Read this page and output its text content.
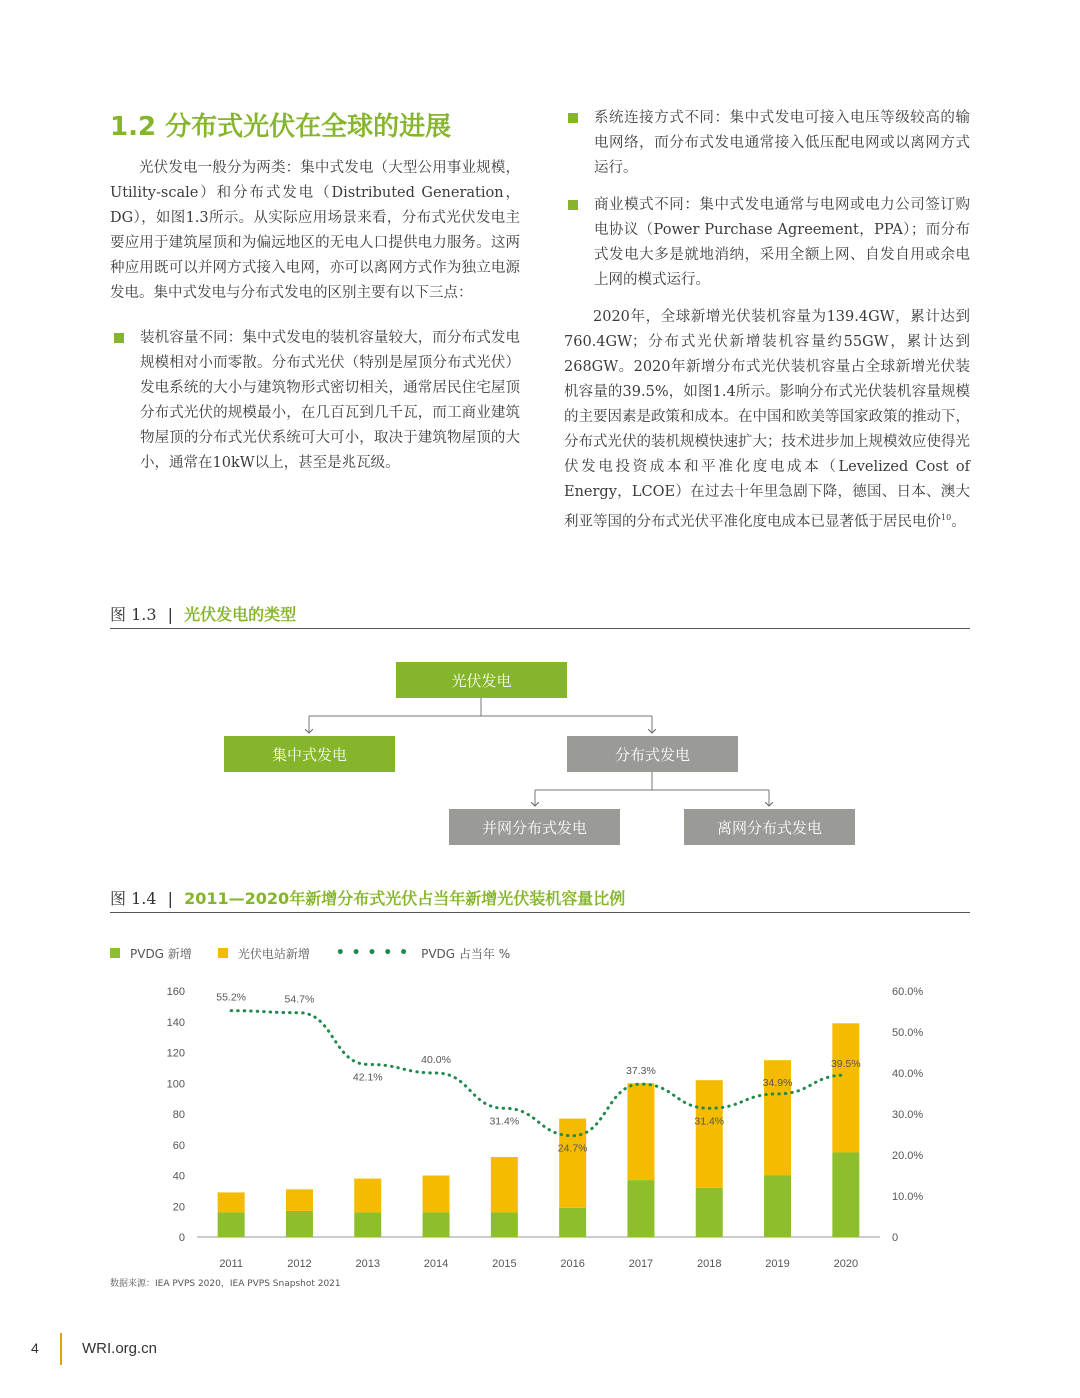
1.2 分布式光伏在全球的进展

光伏发电一般分为两类：集中式发电（大型公用事业规模，Utility-scale）和分布式发电（Distributed Generation，DG），如图1.3所示。从实际应用场景来看，分布式光伏发电主要应用于建筑屋顶和为偏远地区的无电人口提供电力服务。这两种应用既可以并网方式接入电网，亦可以离网方式作为独立电源发电。集中式发电与分布式发电的区别主要有以下三点：

装机容量不同：集中式发电的装机容量较大，而分布式发电规模相对小而零散。分布式光伏（特别是屋顶分布式光伏）发电系统的大小与建筑物形式密切相关，通常居民住宅屋顶分布式光伏的规模最小，在几百瓦到几千瓦，而工商业建筑物屋顶的分布式光伏系统可大可小，取决于建筑物屋顶的大小，通常在10kW以上，甚至是兆瓦级。

系统连接方式不同：集中式发电可接入电压等级较高的输电网络，而分布式发电通常接入低压配电网或以离网方式运行。

商业模式不同：集中式发电通常与电网或电力公司签订购电协议（Power Purchase Agreement，PPA）；而分布式发电大多是就地消纳，采用全额上网、自发自用或余电上网的模式运行。

2020年，全球新增光伏装机容量为139.4GW，累计达到760.4GW；分布式光伏新增装机容量约55GW，累计达到268GW。2020年新增分布式光伏装机容量占全球新增光伏装机容量的39.5%，如图1.4所示。影响分布式光伏装机容量规模的主要因素是政策和成本。在中国和欧美等国家政策的推动下，分布式光伏的装机规模快速扩大；技术进步加上规模效应使得光伏发电投资成本和平准化度电成本（Levelized Cost of Energy，LCOE）在过去十年里急剧下降，德国、日本、澳大利亚等国的分布式光伏平准化度电成本已显著低于居民电价$^{10}$。

图 1.3 | 光伏发电的类型
光伏发电
集中式发电	分布式发电
并网分布式发电	离网分布式发电
图 1.4 | 2011—2020年新增分布式光伏占当年新增光伏装机容量比例
PVDG 新增	光伏电站新增 • • • • • PVDG 占当年 %
0
20
40
60
80
100
120
140
160
0
10.0%
20.0%
30.0%
40.0%
50.0%
60.0%
2011	2012	2013	2014	2015	2016	2017	2018	2019	2020
55.2%	54.7%
42.1%
40.0%
31.4%
24.7%
37.3%
31.4%
34.9%
39.5%
数据来源：IEA PVPS 2020，IEA PVPS Snapshot 2021
4	WRI.org.cn
